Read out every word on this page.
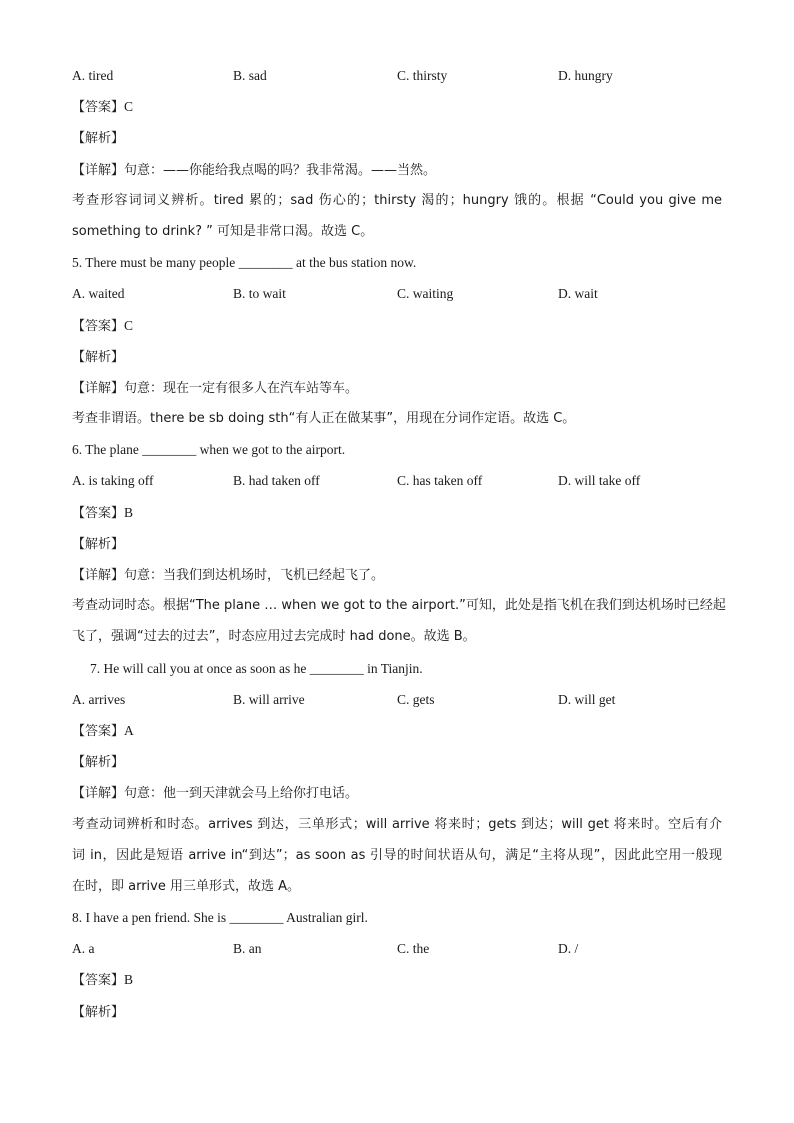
A. tired	B. sad	C. thirsty	D. hungry
【答案】C
【解析】
【详解】句意：——你能给我点喝的吗？我非常渴。——当然。
考查形容词词义辨析。tired 累的；sad 伤心的；thirsty 渴的；hungry 饿的。根据 “Could you give me
something to drink? ” 可知是非常口渴。故选 C。
5. There must be many people ________ at the bus station now.
A. waited	B. to wait	C. waiting	D. wait
【答案】C
【解析】
【详解】句意：现在一定有很多人在汽车站等车。
考查非谓语。there be sb doing sth“有人正在做某事”，用现在分词作定语。故选 C。
6. The plane ________ when we got to the airport.
A. is taking off	B. had taken off	C. has taken off	D. will take off
【答案】B
【解析】
【详解】句意：当我们到达机场时，飞机已经起飞了。
考查动词时态。根据“The plane … when we got to the airport.”可知，此处是指飞机在我们到达机场时已经起
飞了，强调“过去的过去”，时态应用过去完成时 had done。故选 B。
7. He will call you at once as soon as he ________ in Tianjin.
A. arrives	B. will arrive	C. gets	D. will get
【答案】A
【解析】
【详解】句意：他一到天津就会马上给你打电话。
考查动词辨析和时态。arrives 到达，三单形式；will arrive 将来时；gets 到达；will get 将来时。空后有介
词 in，因此是短语 arrive in“到达”；as soon as 引导的时间状语从句，满足“主将从现”，因此此空用一般现
在时，即 arrive 用三单形式，故选 A。
8. I have a pen friend. She is ________ Australian girl.
A. a	B. an	C. the	D. /
【答案】B
【解析】
